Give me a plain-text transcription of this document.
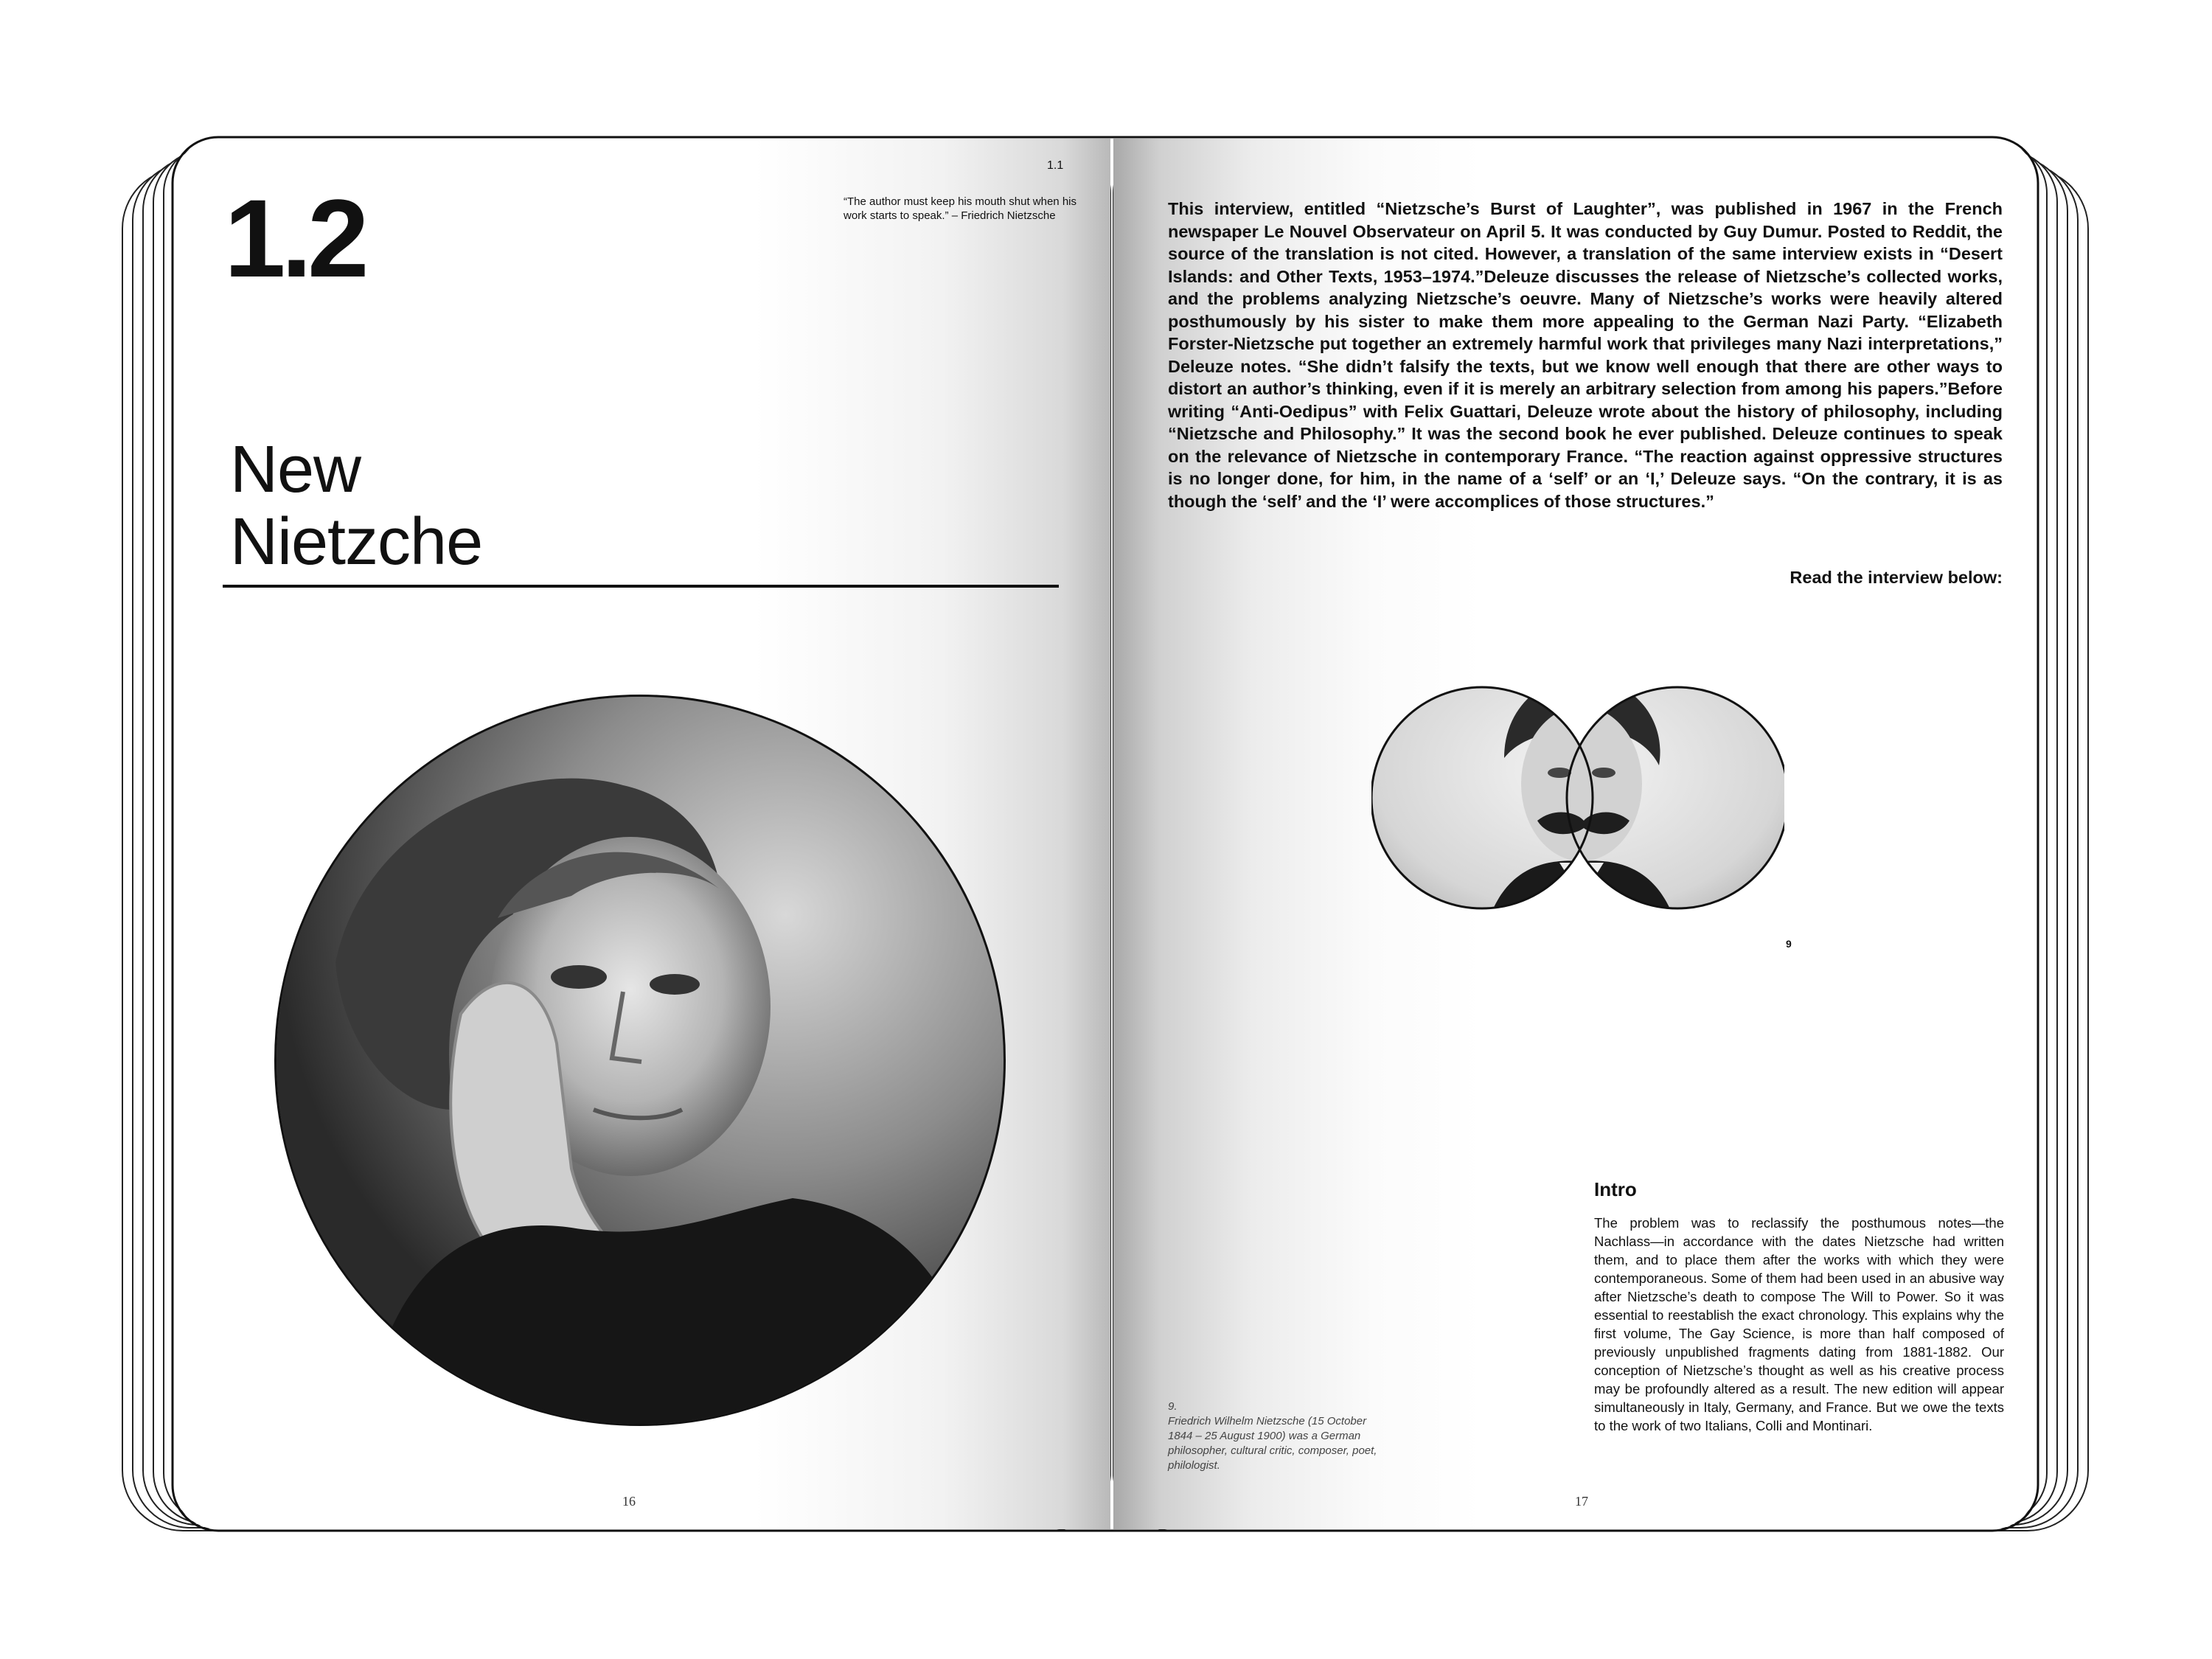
1.1
1.2	“The author must keep his mouth shut when his work starts to speak.” – Friedrich Nietzsche
New
Nietzche
16
This interview, entitled “Nietzsche’s Burst of Laughter”, was published in 1967 in the French newspaper Le Nouvel Observateur on April 5. It was conducted by Guy Dumur. Posted to Reddit, the source of the translation is not cited. However, a translation of the same interview exists in “Desert Islands: and Other Texts, 1953–1974.”Deleuze discusses the release of Nietzsche’s collected works, and the problems analyzing Nietzsche’s oeuvre. Many of Nietzsche’s works were heavily altered posthumously by his sister to make them more appealing to the German Nazi Party. “Elizabeth Forster-Nietzsche put together an extremely harmful work that privileges many Nazi interpretations,” Deleuze notes. “She didn’t falsify the texts, but we know well enough that there are other ways to distort an author’s thinking, even if it is merely an arbitrary selection from among his papers.”Before writing “Anti-Oedipus” with Felix Guattari, Deleuze wrote about the history of philosophy, including “Nietzsche and Philosophy.” It was the second book he ever published. Deleuze continues to speak on the relevance of Nietzsche in contemporary France. “The reaction against oppressive structures is no longer done, for him, in the name of a ‘self’ or an ‘I,’ Deleuze says. “On the contrary, it is as though the ‘self’ and the ‘I’ were accomplices of those structures.”
Read the interview below:
9
9.
Friedrich Wilhelm Nietzsche (15 October 1844 – 25 August 1900) was a German philosopher, cultural critic, composer, poet, philologist.
Intro
The problem was to reclassify the posthumous notes—the Nachlass—in accordance with the dates Nietzsche had written them, and to place them after the works with which they were contemporaneous. Some of them had been used in an abusive way after Nietzsche’s death to compose The Will to Power. So it was essential to reestablish the exact chronology. This explains why the first volume, The Gay Science, is more than half composed of previously unpublished fragments dating from 1881-1882. Our conception of Nietzsche’s thought as well as his creative process may be profoundly altered as a result. The new edition will appear simultaneously in Italy, Germany, and France. But we owe the texts to the work of two Italians, Colli and Montinari.
17
